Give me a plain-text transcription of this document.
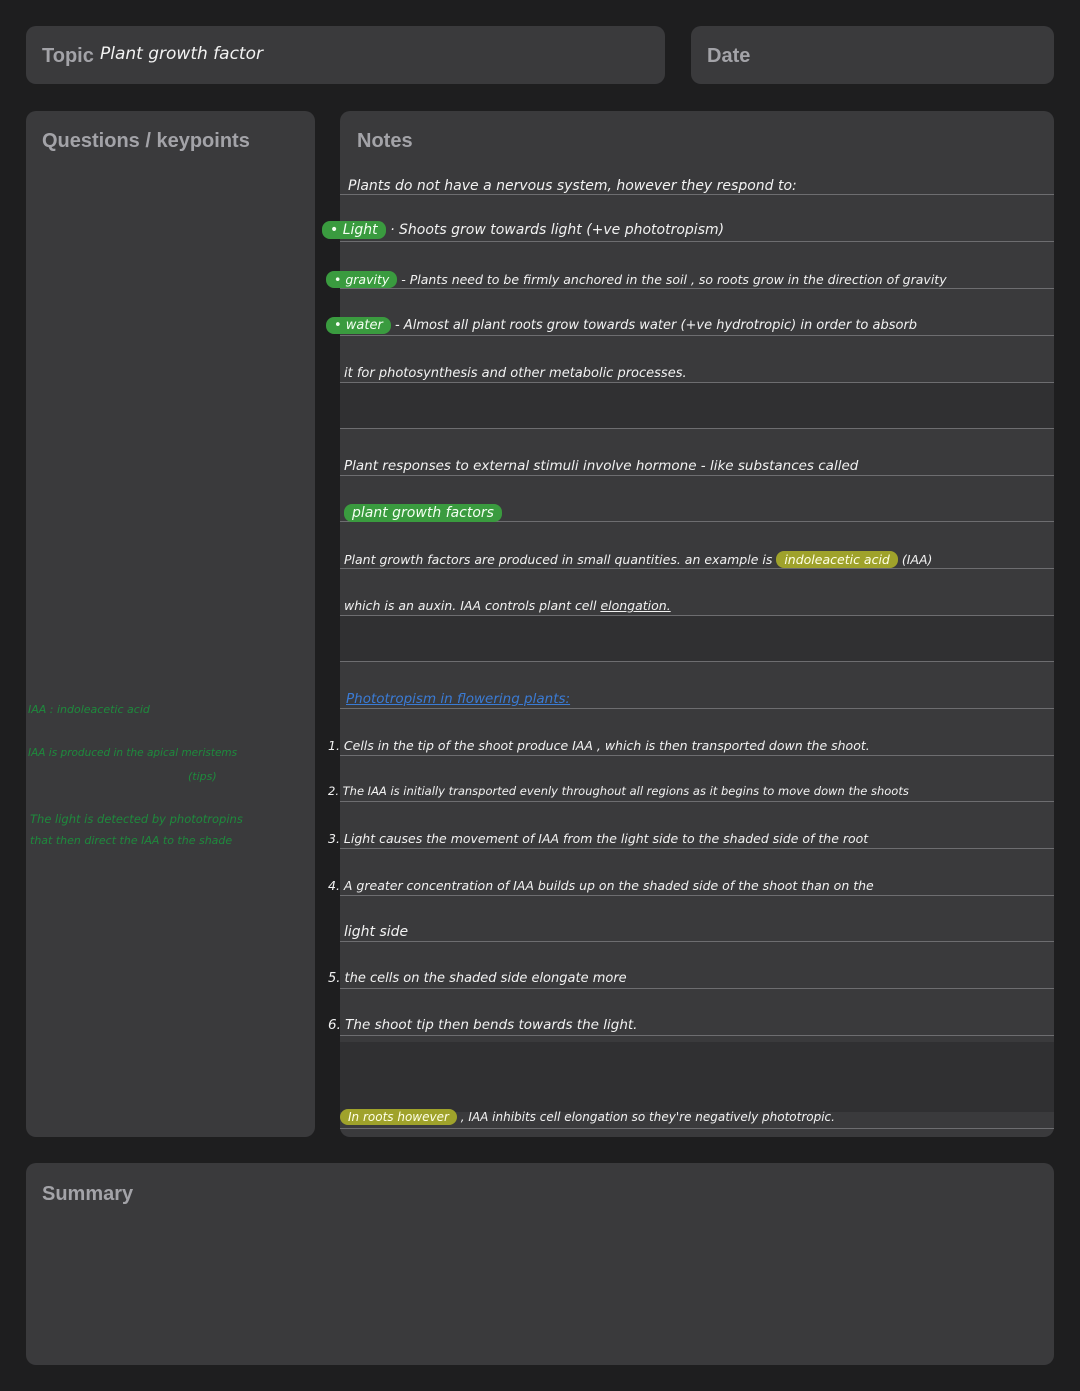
Topic Plant growth factor	Date
Questions / keypoints	Notes
Summary
Plants do not have a nervous system, however they respond to:
• Light · Shoots grow towards light (+ve phototropism)
• gravity - Plants need to be firmly anchored in the soil , so roots grow in the direction of gravity
• water - Almost all plant roots grow towards water (+ve hydrotropic) in order to absorb
it for photosynthesis and other metabolic processes.
Plant responses to external stimuli involve hormone - like substances called
plant growth factors
Plant growth factors are produced in small quantities. an example is indoleacetic acid (IAA)
which is an auxin. IAA controls plant cell elongation.
Phototropism in flowering plants:
1. Cells in the tip of the shoot produce IAA , which is then transported down the shoot.
2. The IAA is initially transported evenly throughout all regions as it begins to move down the shoots
3. Light causes the movement of IAA from the light side to the shaded side of the root
4. A greater concentration of IAA builds up on the shaded side of the shoot than on the
light side
5. the cells on the shaded side elongate more
6. The shoot tip then bends towards the light.
In roots however , IAA inhibits cell elongation so they're negatively phototropic.
IAA : indoleacetic acid
IAA is produced in the apical meristems
(tips)
The light is detected by phototropins
that then direct the IAA to the shade
